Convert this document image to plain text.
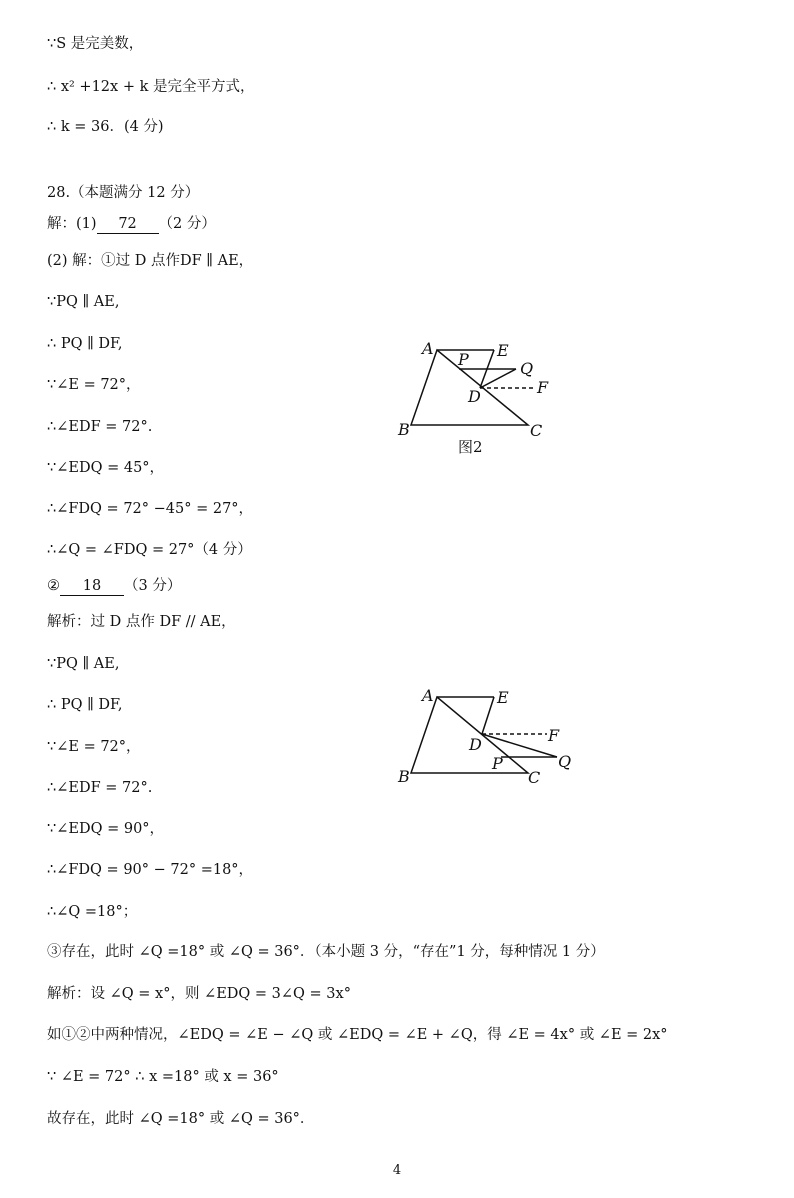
∵S 是完美数，
∴ x² +12x + k 是完全平方式，
∴ k = 36．(4 分)
28.（本题满分 12 分）
解：(1) 72 （2 分）
(2) 解：①过 D 点作DF ∥ AE，
∵PQ ∥ AE,
∴ PQ ∥ DF,
∵∠E = 72°，
∴∠EDF = 72°.
∵∠EDQ = 45°，
∴∠FDQ = 72° −45° = 27°，
∴∠Q = ∠FDQ = 27°（4 分）
② 18 （3 分）
解析：过 D 点作 DF // AE，
∵PQ ∥ AE,
∴ PQ ∥ DF,
∵∠E = 72°，
∴∠EDF = 72°.
∵∠EDQ = 90°，
∴∠FDQ = 90° − 72° =18°，
∴∠Q =18°；
③存在，此时 ∠Q =18° 或 ∠Q = 36°．（本小题 3 分，“存在”1 分，每种情况 1 分）
解析：设 ∠Q = x°，则 ∠EDQ = 3∠Q = 3x°
如①②中两种情况，∠EDQ = ∠E − ∠Q 或 ∠EDQ = ∠E + ∠Q，得 ∠E = 4x° 或 ∠E = 2x°
∵ ∠E = 72° ∴ x =18° 或 x = 36°
故存在，此时 ∠Q =18° 或 ∠Q = 36°．
A	E
P	Q
F
D
B	C
图2
A	E
F
D
Q
P
B	C
4
